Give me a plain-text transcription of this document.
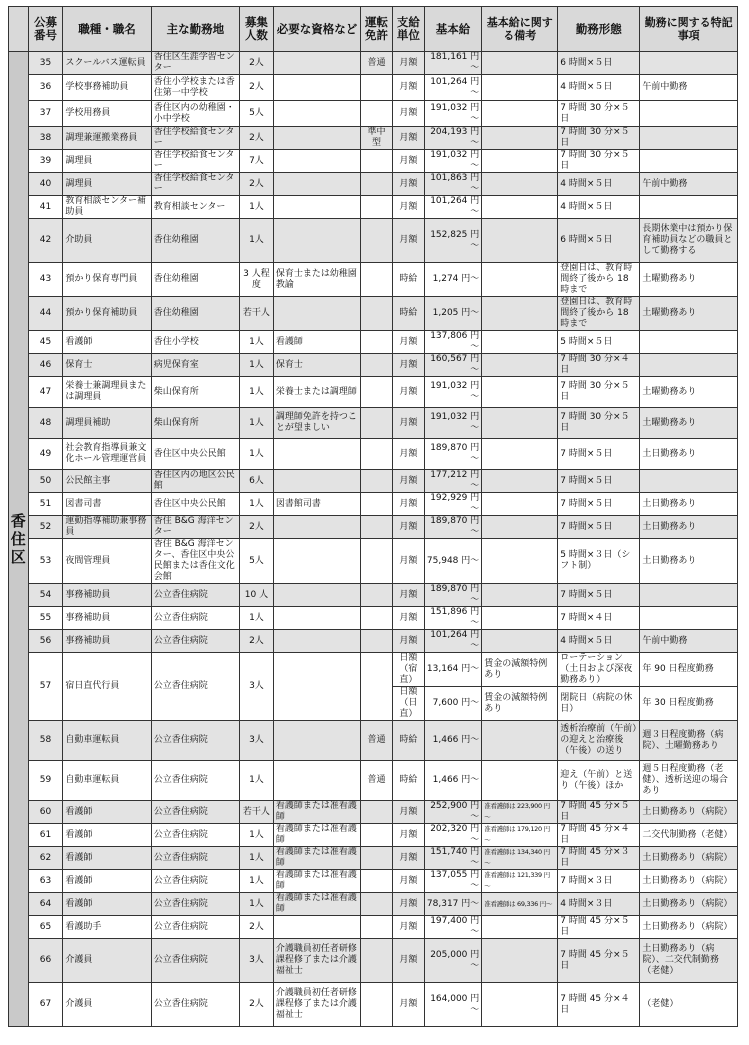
	公募番号	職種・職名	主な勤務地	募集人数	必要な資格など	運転免許	支給単位	基本給	基本給に関する備考	勤務形態	勤務に関する特記事項
香住区	35	スクールバス運転員	香住区生涯学習センター	2人		普通	月額	181,161 円～		6 時間×５日	
	36	学校事務補助員	香住小学校または香住第一中学校	2人			月額	101,264 円～		4 時間×５日	午前中勤務
	37	学校用務員	香住区内の幼稚園・小中学校	5人			月額	191,032 円～		7 時間 30 分×５日	
	38	調理兼運搬業務員	香住学校給食センター	2人		準中型	月額	204,193 円～		7 時間 30 分×５日	
	39	調理員	香住学校給食センター	7人			月額	191,032 円～		7 時間 30 分×５日	
	40	調理員	香住学校給食センター	2人			月額	101,863 円～		4 時間×５日	午前中勤務
	41	教育相談センター補助員	教育相談センター	1人			月額	101,264 円～		4 時間×５日	
	42	介助員	香住幼稚園	1人			月額	152,825 円～		6 時間×５日	長期休業中は預かり保育補助員などの職員として勤務する
	43	預かり保育専門員	香住幼稚園	3 人程度	保育士または幼稚園教諭		時給	1,274 円～		登園日は、教育時間終了後から 18 時まで	土曜勤務あり
	44	預かり保育補助員	香住幼稚園	若干人			時給	1,205 円～		登園日は、教育時間終了後から 18 時まで	土曜勤務あり
	45	看護師	香住小学校	1人	看護師		月額	137,806 円～		5 時間×５日	
	46	保育士	病児保育室	1人	保育士		月額	160,567 円～		7 時間 30 分×４日	
	47	栄養士兼調理員または調理員	柴山保育所	1人	栄養士または調理師		月額	191,032 円～		7 時間 30 分×５日	土曜勤務あり
	48	調理員補助	柴山保育所	1人	調理師免許を持つことが望ましい		月額	191,032 円～		7 時間 30 分×５日	土曜勤務あり
	49	社会教育指導員兼文化ホール管理運営員	香住区中央公民館	1人			月額	189,870 円～		7 時間×５日	土日勤務あり
	50	公民館主事	香住区内の地区公民館	6人			月額	177,212 円～		7 時間×５日	
	51	図書司書	香住区中央公民館	1人	図書館司書		月額	192,929 円～		7 時間×５日	土日勤務あり
	52	運動指導補助兼事務員	香住 B&G 海洋センター	2人			月額	189,870 円～		7 時間×５日	土日勤務あり
	53	夜間管理員	香住 B&G 海洋センター、香住区中央公民館または香住文化会館	5人			月額	75,948 円～		5 時間×３日（シフト制）	土日勤務あり
	54	事務補助員	公立香住病院	10 人			月額	189,870 円～		7 時間×５日	
	55	事務補助員	公立香住病院	1人			月額	151,896 円～		7 時間×４日	
	56	事務補助員	公立香住病院	2人			月額	101,264 円～		4 時間×５日	午前中勤務
	57	宿日直代行員	公立香住病院	3人			日額（宿直）	13,164 円～	賃金の減額特例あり	ローテーション（土日および深夜勤務あり）	年 90 日程度勤務
							日額（日直）	7,600 円～	賃金の減額特例あり	閉院日（病院の休日）	年 30 日程度勤務
	58	自動車運転員	公立香住病院	3人		普通	時給	1,466 円～		透析治療前（午前）の迎えと治療後（午後）の送り	週３日程度勤務（病院）、土曜勤務あり
	59	自動車運転員	公立香住病院	1人		普通	時給	1,466 円～		迎え（午前）と送り（午後）ほか	週５日程度勤務（老健）、透析送迎の場合あり
	60	看護師	公立香住病院	若干人	看護師または准看護師		月額	252,900 円～	准看護師は 223,900 円～	7 時間 45 分×５日	土日勤務あり（病院）
	61	看護師	公立香住病院	1人	看護師または准看護師		月額	202,320 円～	准看護師は 179,120 円～	7 時間 45 分×４日	二交代制勤務（老健）
	62	看護師	公立香住病院	1人	看護師または准看護師		月額	151,740 円～	准看護師は 134,340 円～	7 時間 45 分×３日	土日勤務あり（病院）
	63	看護師	公立香住病院	1人	看護師または准看護師		月額	137,055 円～	准看護師は 121,339 円～	7 時間×３日	土日勤務あり（病院）
	64	看護師	公立香住病院	1人	看護師または准看護師		月額	78,317 円～	准看護師は 69,336 円～	4 時間×３日	土日勤務あり（病院）
	65	看護助手	公立香住病院	2人			月額	197,400 円～		7 時間 45 分×５日	土日勤務あり（病院）
	66	介護員	公立香住病院	3人	介護職員初任者研修課程修了または介護福祉士		月額	205,000 円～		7 時間 45 分×５日	土日勤務あり（病院）、二交代制勤務（老健）
	67	介護員	公立香住病院	2人	介護職員初任者研修課程修了または介護福祉士		月額	164,000 円～		7 時間 45 分×４日	（老健）
